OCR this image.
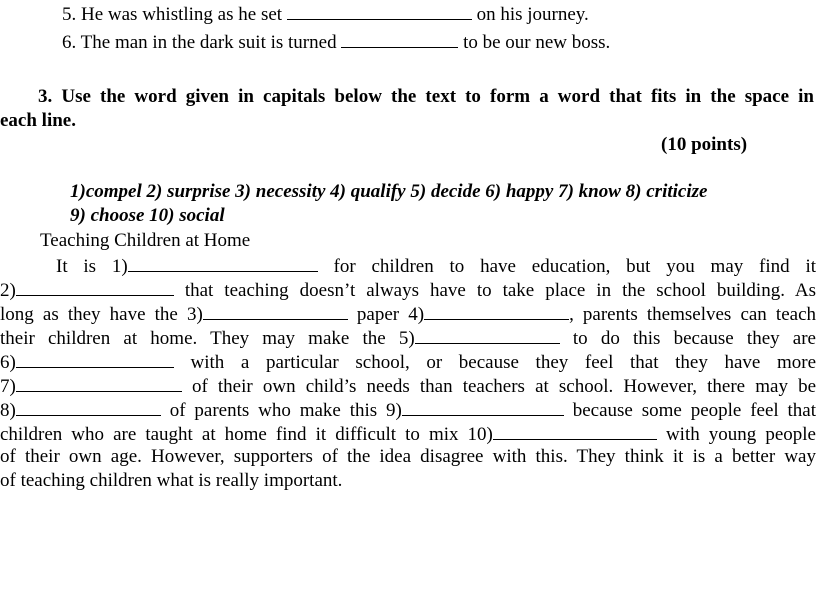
5. He was whistling as he set	on his journey.
6. The man in the dark suit is turned	to be our new boss.
3. Use the word given in capitals below the text to form a word that fits in the space in
each line.
(10 points)
1)compel 2) surprise 3) necessity 4) qualify 5) decide 6) happy 7) know 8) criticize
9) choose 10) social
Teaching Children at Home
It is 1)	for children to have education, but you may find it
2)	that teaching doesn’t always have to take place in the school building. As
long as they have the 3)	paper 4)	, parents themselves can teach
their children at home. They may make the 5)	to do this because they are
6)	with a particular school, or because they feel that they have more
7)	of their own child’s needs than teachers at school. However, there may be
8)	of parents who make this 9)	because some people feel that
children who are taught at home find it difficult to mix 10)	with young people
of their own age. However, supporters of the idea disagree with this. They think it is a better way
of teaching children what is really important.
